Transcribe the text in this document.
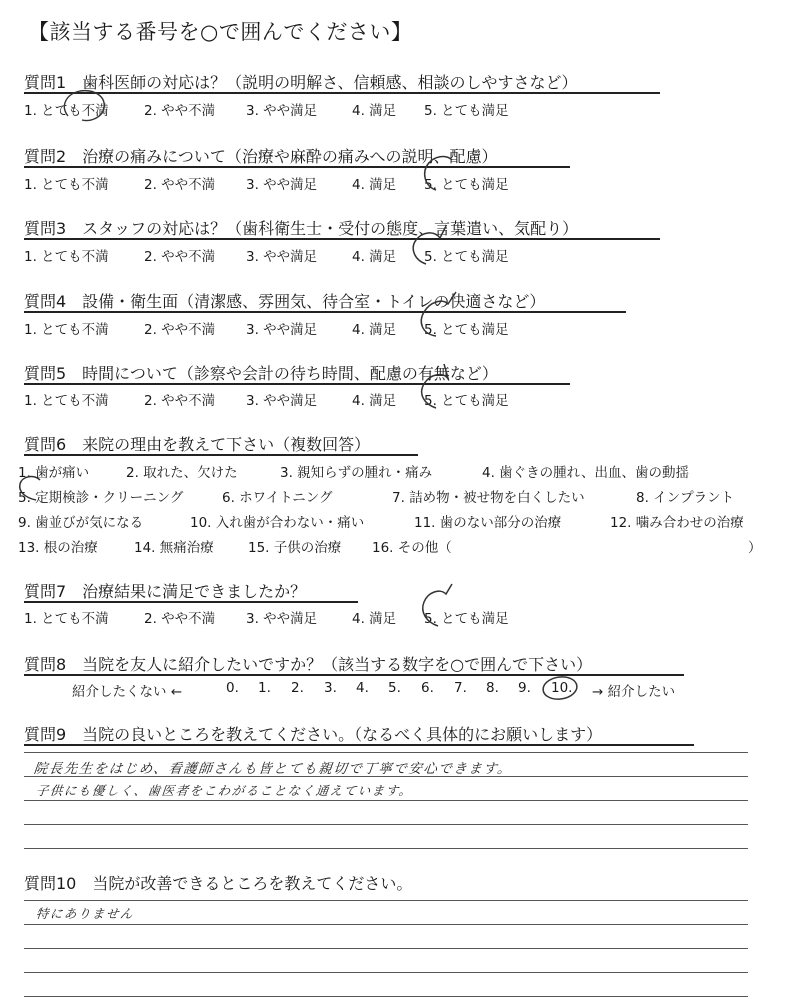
【該当する番号を○で囲んでください】
質問1　歯科医師の対応は？（説明の明解さ、信頼感、相談のしやすさなど）
1. とても不満	2. やや不満 3. やや満足	4. 満足 5. とても満足
質問2　治療の痛みについて（治療や麻酔の痛みへの説明、配慮）
1. とても不満	2. やや不満 3. やや満足	4. 満足 5. とても満足
質問3　スタッフの対応は？（歯科衛生士・受付の態度、言葉遣い、気配り）
1. とても不満	2. やや不満 3. やや満足	4. 満足 5. とても満足
質問4　設備・衛生面（清潔感、雰囲気、待合室・トイレの快適さなど）
1. とても不満	2. やや不満 3. やや満足	4. 満足 5. とても満足
質問5　時間について（診察や会計の待ち時間、配慮の有無など）
1. とても不満	2. やや不満 3. やや満足	4. 満足 5. とても満足
質問6　来院の理由を教えて下さい（複数回答）
1. 歯が痛い	2. 取れた、欠けた	3. 親知らずの腫れ・痛み	4. 歯ぐきの腫れ、出血、歯の動揺
5. 定期検診・クリーニング	6. ホワイトニング	7. 詰め物・被せ物を白くしたい	8. インプラント
9. 歯並びが気になる	10. 入れ歯が合わない・痛い	11. 歯のない部分の治療	12. 噛み合わせの治療
13. 根の治療	14. 無痛治療	15. 子供の治療 16. その他（	）
質問7　治療結果に満足できましたか？
1. とても不満	2. やや不満 3. やや満足	4. 満足 5. とても満足
質問8　当院を友人に紹介したいですか？（該当する数字を○で囲んで下さい）
紹介したくない ←	0. 1. 2. 3. 4. 5. 6. 7. 8. 9. 10. → 紹介したい
質問9　当院の良いところを教えてください。（なるべく具体的にお願いします）
院長先生をはじめ、看護師さんも皆とても親切で丁寧で安心できます。
子供にも優しく、歯医者をこわがることなく通えています。
質問10　当院が改善できるところを教えてください。
特にありません
